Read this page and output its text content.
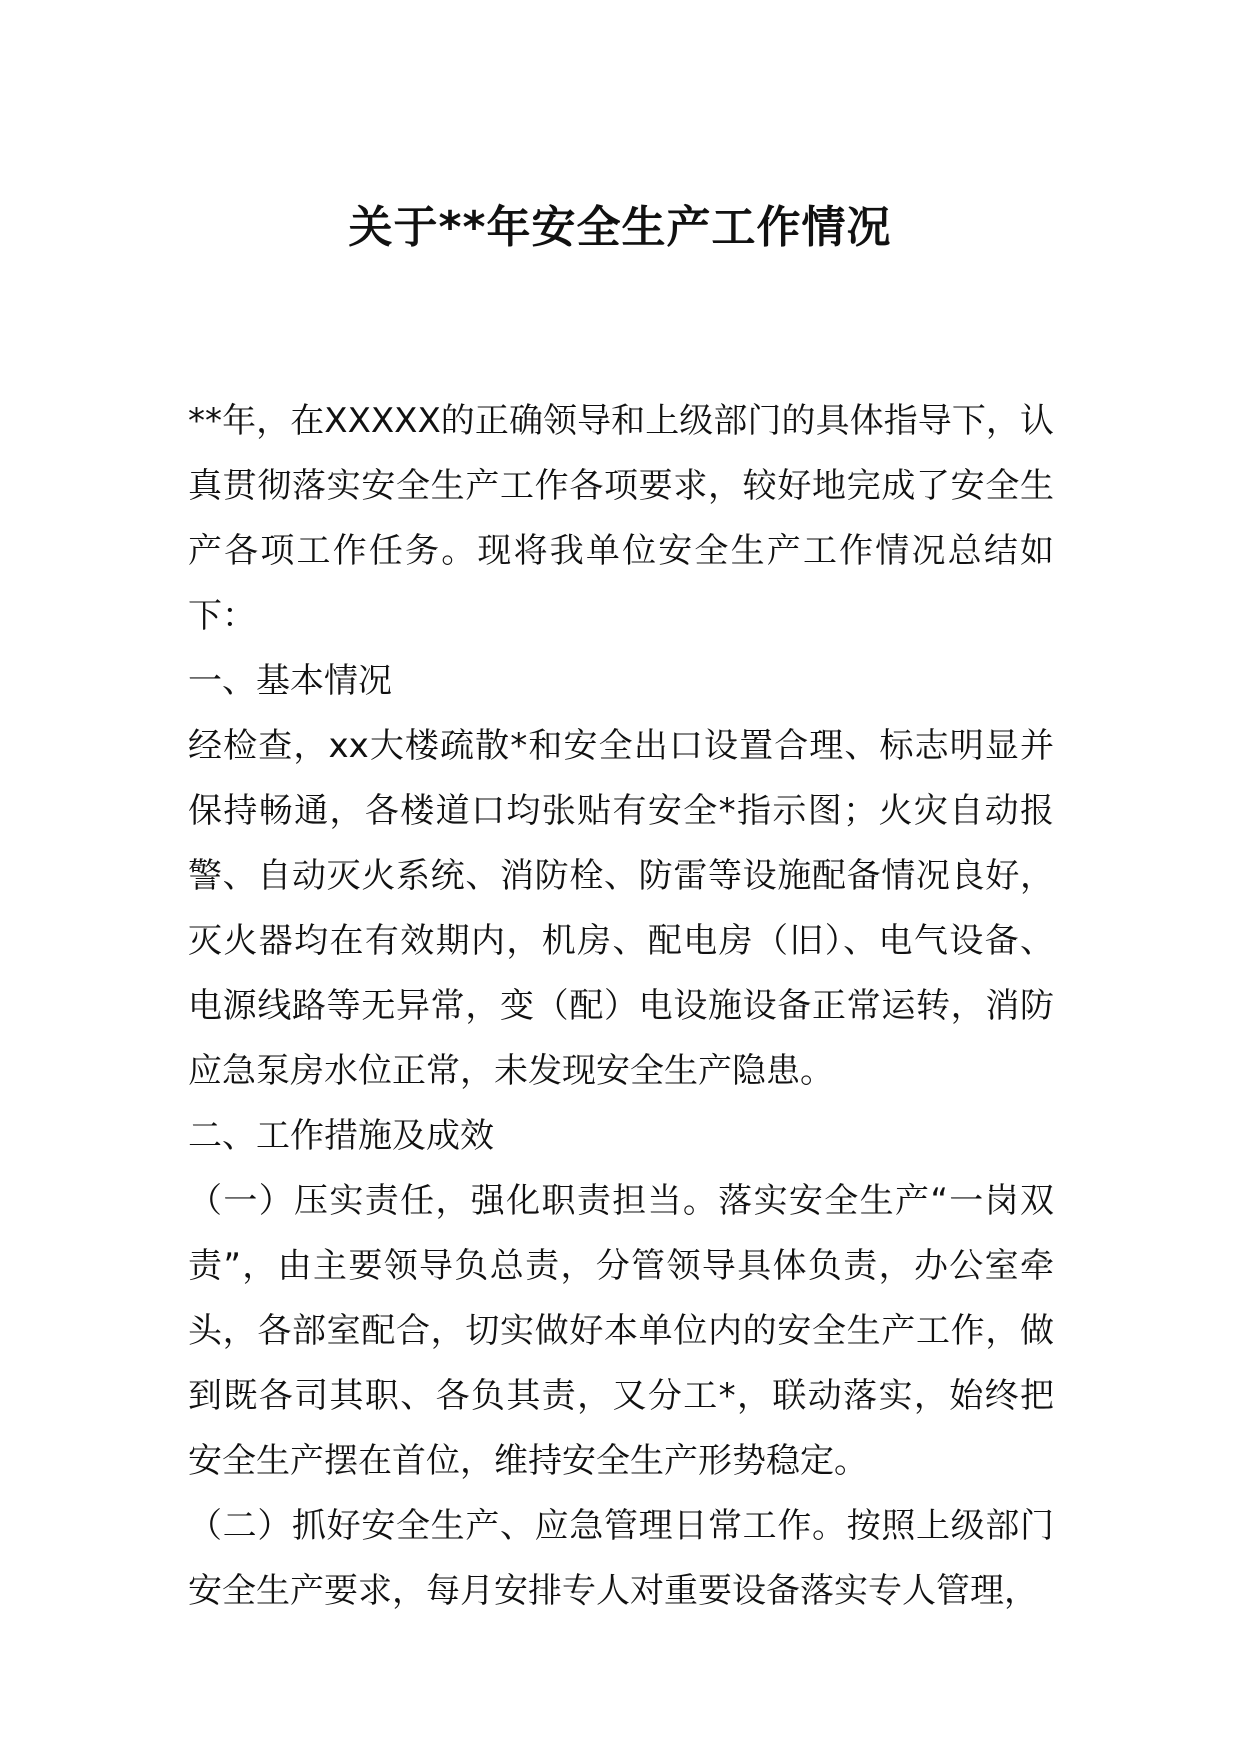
关于**年安全生产工作情况

**年，在XXXXX的正确领导和上级部门的具体指导下，认真贯彻落实安全生产工作各项要求，较好地完成了安全生产各项工作任务。现将我单位安全生产工作情况总结如下：

一、基本情况

经检查，xx大楼疏散*和安全出口设置合理、标志明显并保持畅通，各楼道口均张贴有安全*指示图；火灾自动报警、自动灭火系统、消防栓、防雷等设施配备情况良好，灭火器均在有效期内，机房、配电房（旧）、电气设备、电源线路等无异常，变（配）电设施设备正常运转，消防应急泵房水位正常，未发现安全生产隐患。

二、工作措施及成效

（一）压实责任，强化职责担当。落实安全生产“一岗双责”，由主要领导负总责，分管领导具体负责，办公室牵头，各部室配合，切实做好本单位内的安全生产工作，做到既各司其职、各负其责，又分工*，联动落实，始终把安全生产摆在首位，维持安全生产形势稳定。

（二）抓好安全生产、应急管理日常工作。按照上级部门安全生产要求，每月安排专人对重要设备落实专人管理，
